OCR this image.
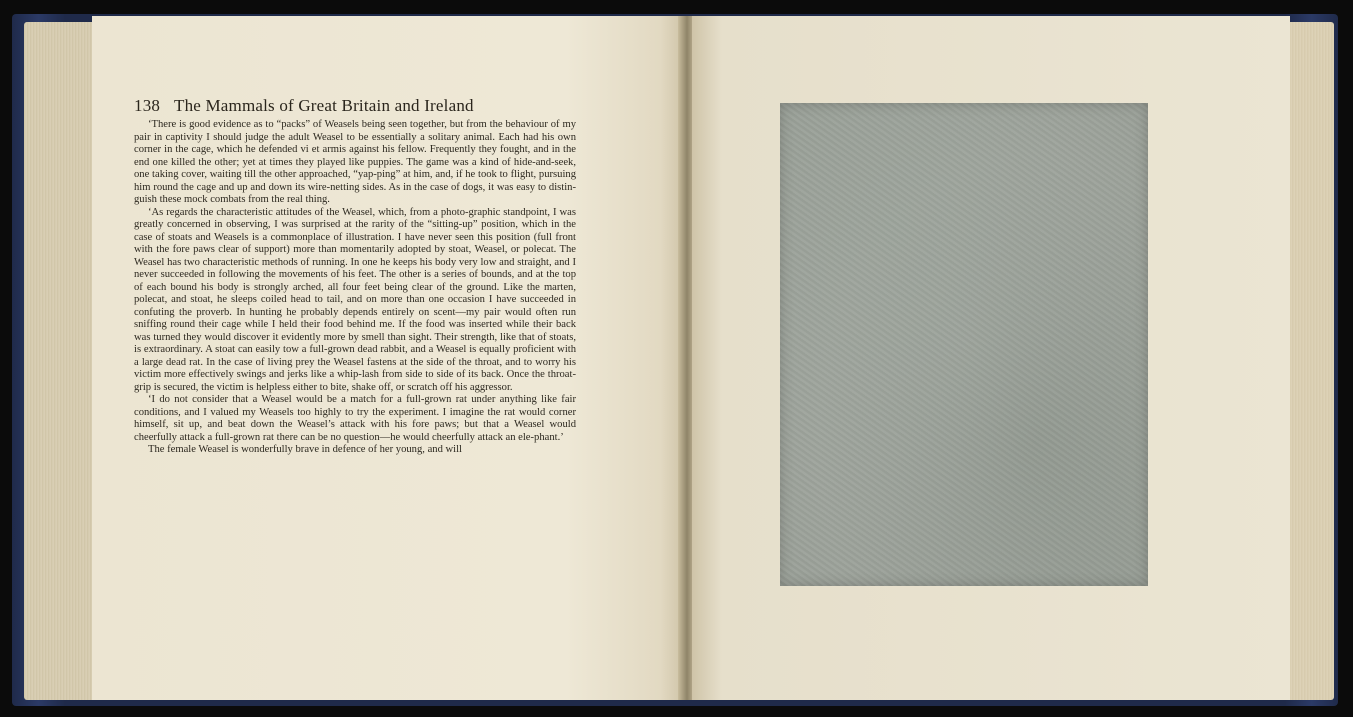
138 The Mammals of Great Britain and Ireland

‘There is good evidence as to “packs” of Weasels being seen together, but from the behaviour of my pair in captivity I should judge the adult Weasel to be essentially a solitary animal. Each had his own corner in the cage, which he defended vi et armis against his fellow. Frequently they fought, and in the end one killed the other; yet at times they played like puppies. The game was a kind of hide-and-seek, one taking cover, waiting till the other approached, “yap-ping” at him, and, if he took to flight, pursuing him round the cage and up and down its wire-netting sides. As in the case of dogs, it was easy to distin-guish these mock combats from the real thing.

‘As regards the characteristic attitudes of the Weasel, which, from a photo-graphic standpoint, I was greatly concerned in observing, I was surprised at the rarity of the “sitting-up” position, which in the case of stoats and Weasels is a commonplace of illustration. I have never seen this position (full front with the fore paws clear of support) more than momentarily adopted by stoat, Weasel, or polecat. The Weasel has two characteristic methods of running. In one he keeps his body very low and straight, and I never succeeded in following the movements of his feet. The other is a series of bounds, and at the top of each bound his body is strongly arched, all four feet being clear of the ground. Like the marten, polecat, and stoat, he sleeps coiled head to tail, and on more than one occasion I have succeeded in confuting the proverb. In hunting he probably depends entirely on scent—my pair would often run sniffing round their cage while I held their food behind me. If the food was inserted while their back was turned they would discover it evidently more by smell than sight. Their strength, like that of stoats, is extraordinary. A stoat can easily tow a full-grown dead rabbit, and a Weasel is equally proficient with a large dead rat. In the case of living prey the Weasel fastens at the side of the throat, and to worry his victim more effectively swings and jerks like a whip-lash from side to side of its back. Once the throat-grip is secured, the victim is helpless either to bite, shake off, or scratch off his aggressor.

‘I do not consider that a Weasel would be a match for a full-grown rat under anything like fair conditions, and I valued my Weasels too highly to try the experiment. I imagine the rat would corner himself, sit up, and beat down the Weasel’s attack with his fore paws; but that a Weasel would cheerfully attack a full-grown rat there can be no question—he would cheerfully attack an ele-phant.’

The female Weasel is wonderfully brave in defence of her young, and will
